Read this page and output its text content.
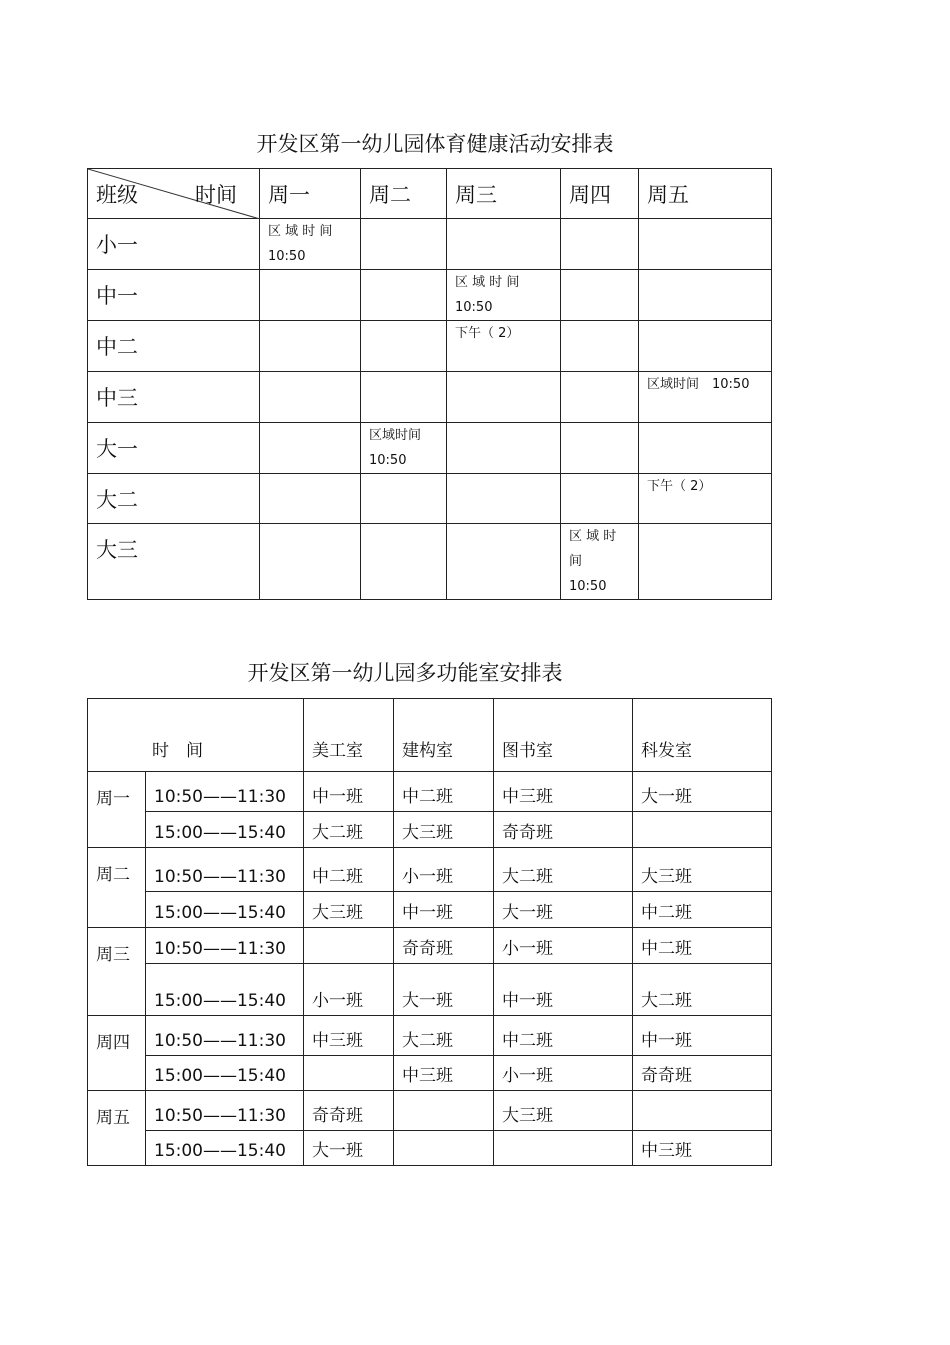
开发区第一幼儿园体育健康活动安排表
班级 时间	周一	周二	周三	周四	周五
小一	区 域 时 间
10:50				
中一			区 域 时 间
10:50		
中二			下午（ 2）		
中三					区域时间　10:50
大一		区域时间
10:50			
大二					下午（ 2）
大三				区 域 时
间
10:50	
开发区第一幼儿园多功能室安排表
时　间		美工室	建构室	图书室	科发室
周一	10:50——11:30	中一班	中二班	中三班	大一班
	15:00——15:40	大二班	大三班	奇奇班	
周二	10:50——11:30	中二班	小一班	大二班	大三班
	15:00——15:40	大三班	中一班	大一班	中二班
周三	10:50——11:30		奇奇班	小一班	中二班
	15:00——15:40	小一班	大一班	中一班	大二班
周四	10:50——11:30	中三班	大二班	中二班	中一班
	15:00——15:40		中三班	小一班	奇奇班
周五	10:50——11:30	奇奇班		大三班	
	15:00——15:40	大一班			中三班
